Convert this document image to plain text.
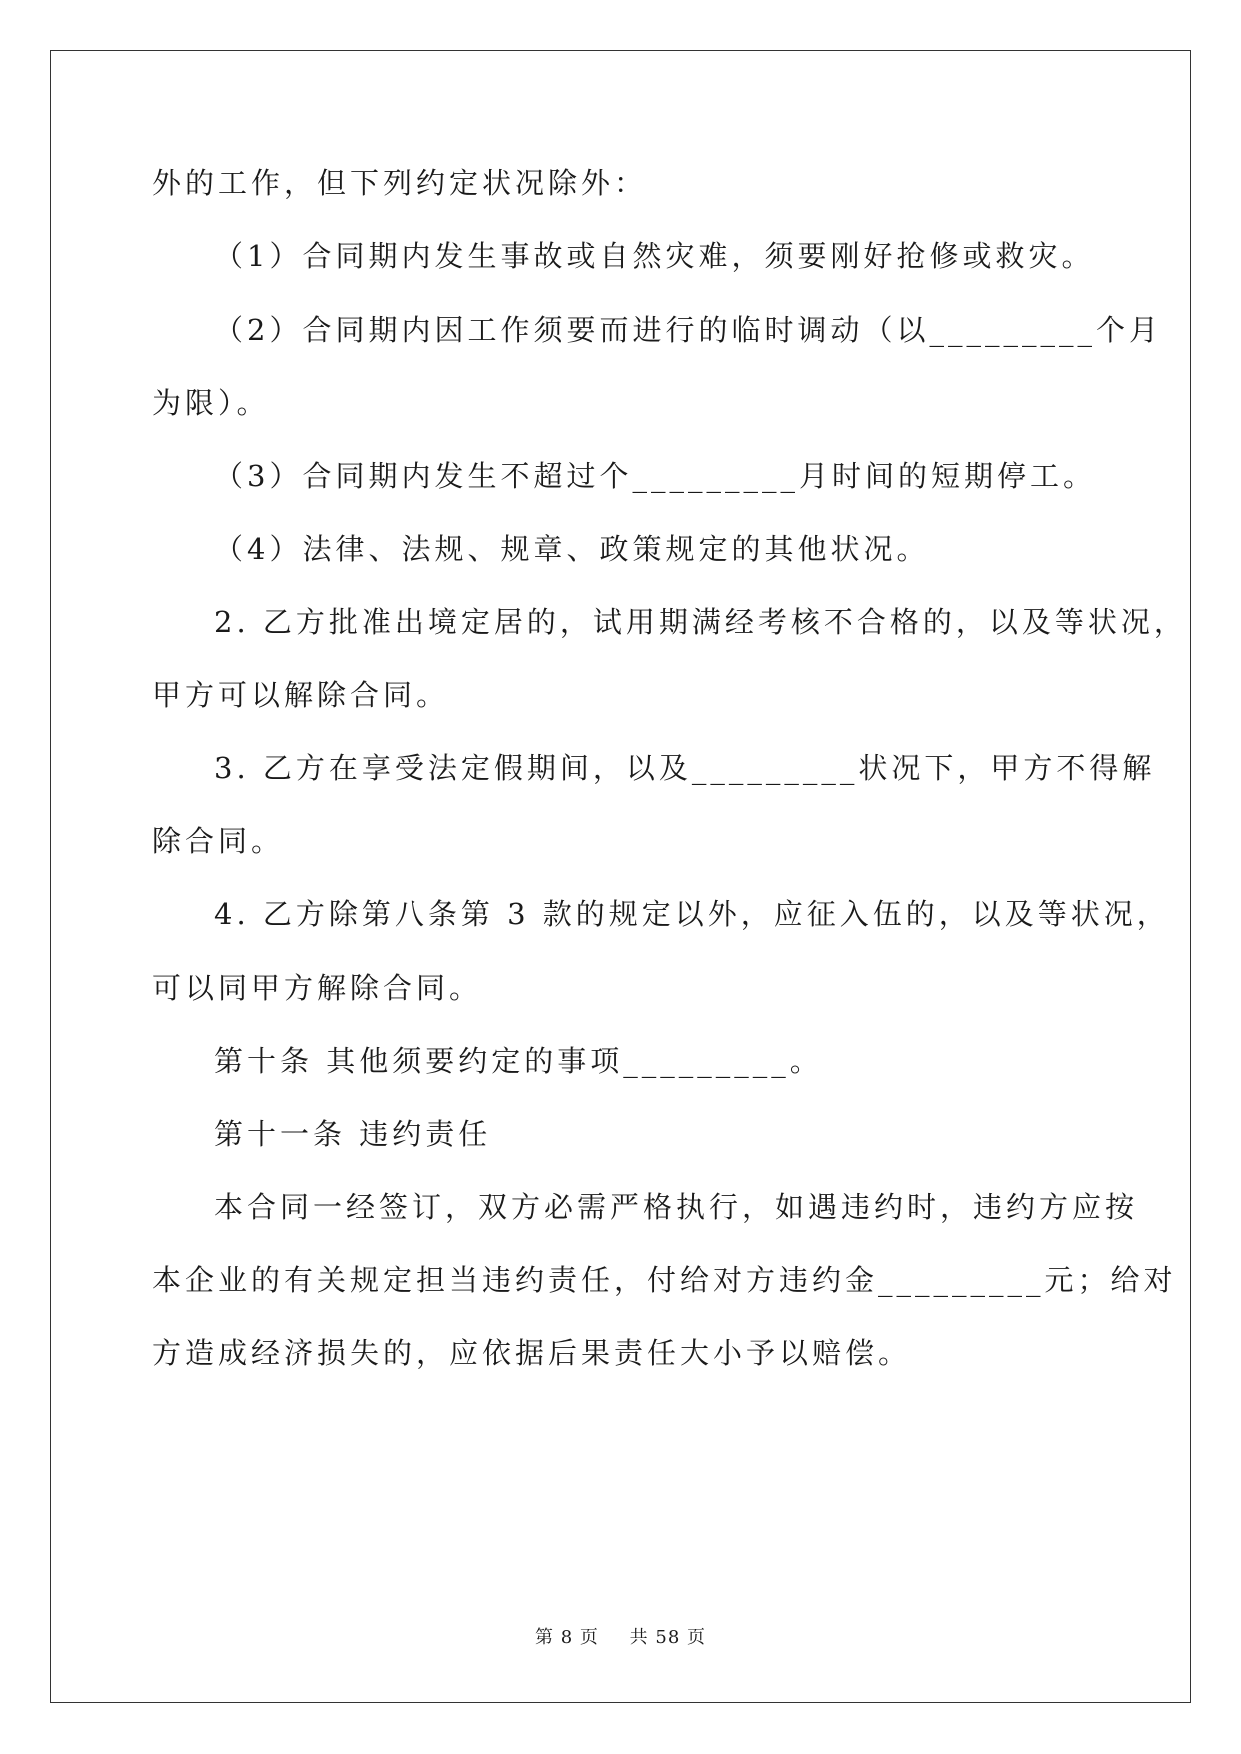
外的工作，但下列约定状况除外：
（1）合同期内发生事故或自然灾难，须要刚好抢修或救灾。
（2）合同期内因工作须要而进行的临时调动（以_________个月
为限）。
（3）合同期内发生不超过个_________月时间的短期停工。
（4）法律、法规、规章、政策规定的其他状况。
2. 乙方批准出境定居的，试用期满经考核不合格的，以及等状况，
甲方可以解除合同。
3. 乙方在享受法定假期间，以及_________状况下，甲方不得解
除合同。
4. 乙方除第八条第 3 款的规定以外，应征入伍的，以及等状况，
可以同甲方解除合同。
第十条 其他须要约定的事项_________。
第十一条 违约责任
本合同一经签订，双方必需严格执行，如遇违约时，违约方应按
本企业的有关规定担当违约责任，付给对方违约金_________元；给对
方造成经济损失的，应依据后果责任大小予以赔偿。
第 8 页 共 58 页
